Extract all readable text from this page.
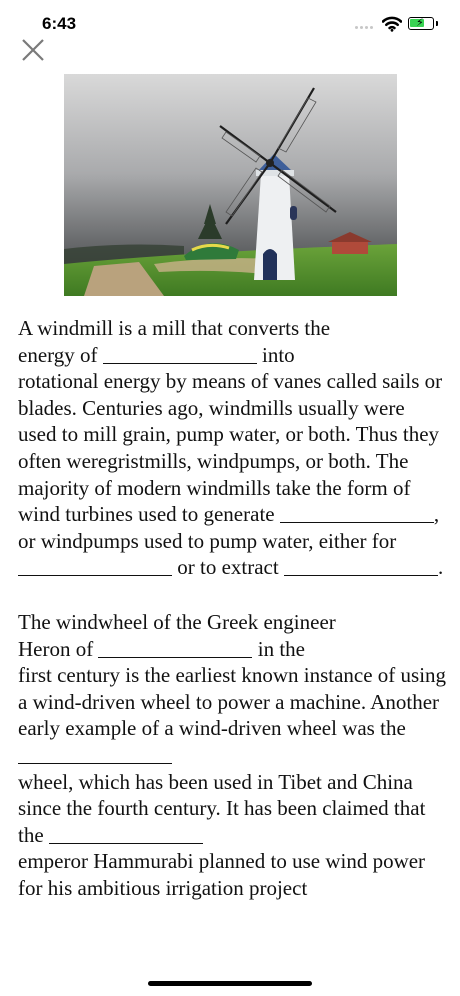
6:43	⚡

A windmill is a mill that converts the
energy of	into
rotational energy by means of vanes called sails or blades. Centuries ago, windmills usually were used to mill grain, pump water, or both. Thus they often weregristmills, windpumps, or both. The majority of modern windmills take the form of wind turbines used to generate	, or windpumps used to pump water, either for  or to extract	.

The windwheel of the Greek engineer
Heron of	in the
first century is the earliest known instance of using a wind-driven wheel to power a machine. Another early example of a wind-driven wheel was the
wheel, which has been used in Tibet and China since the fourth century. It has been claimed that the
emperor Hammurabi planned to use wind power for his ambitious irrigation project
